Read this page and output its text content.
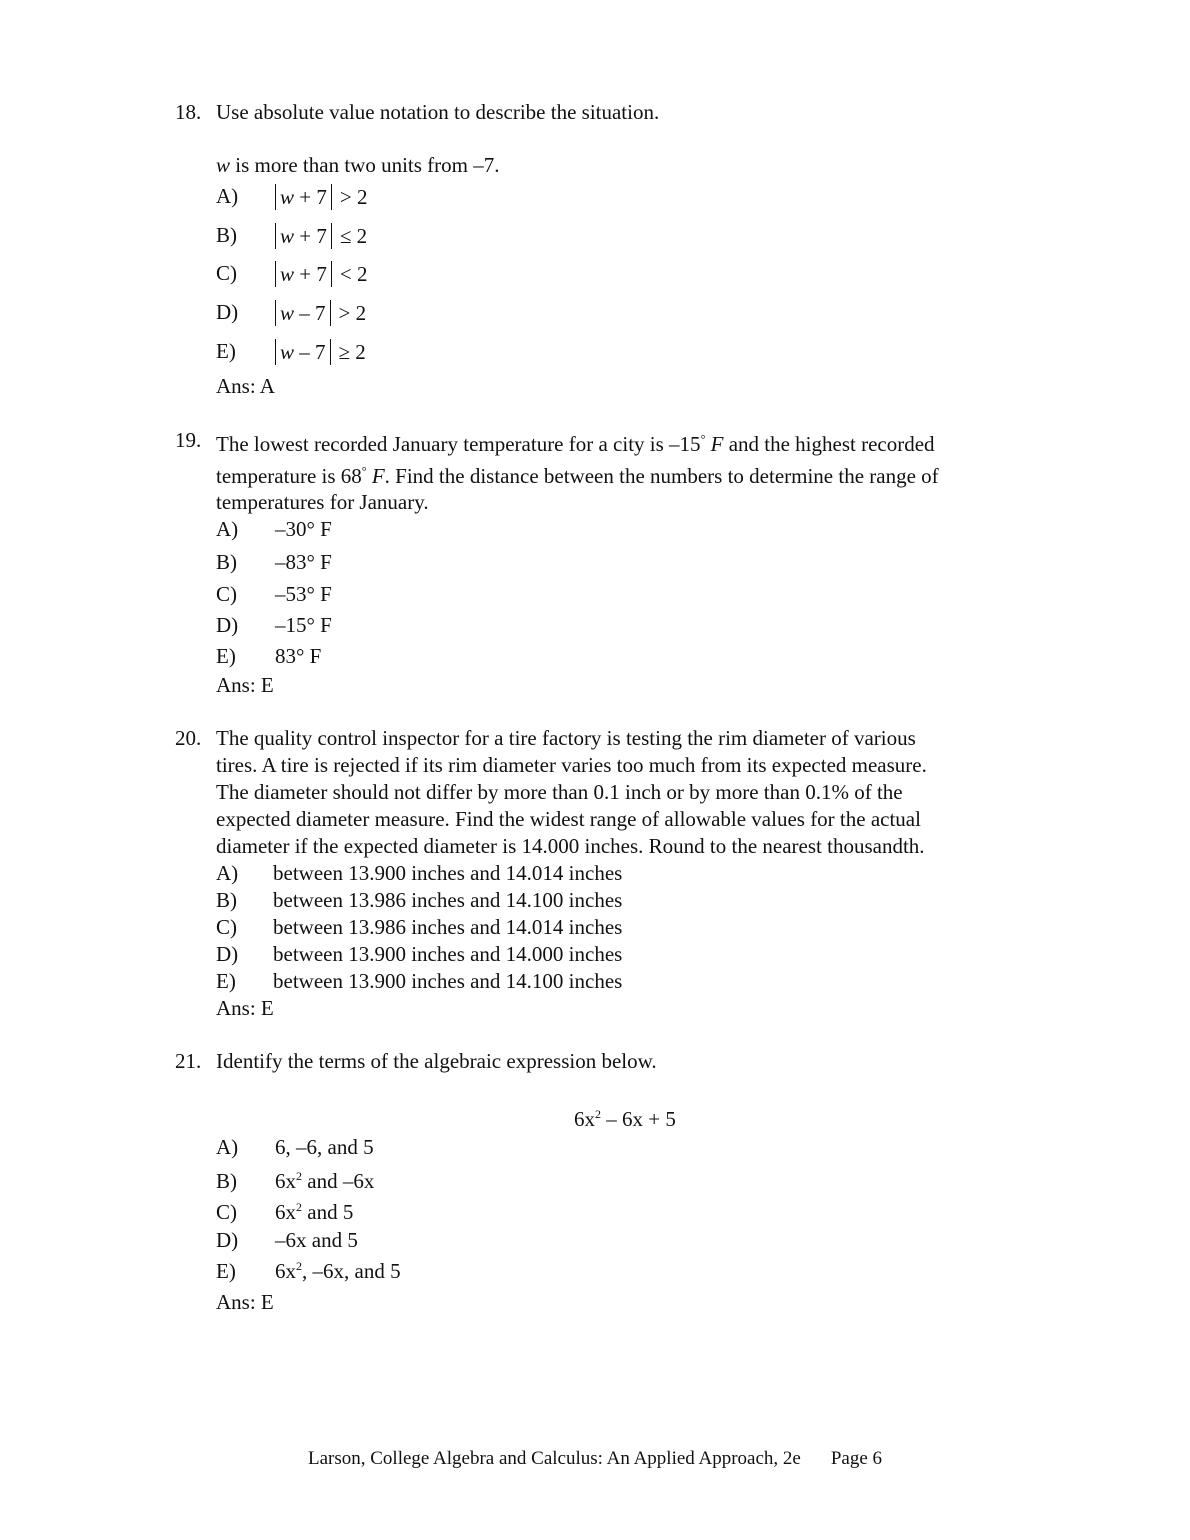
18. Use absolute value notation to describe the situation.
w is more than two units from –7.
A) w + 7 > 2
B) w + 7 ≤ 2
C) w + 7 < 2
D) w – 7 > 2
E) w – 7 ≥ 2
Ans: A
19. The lowest recorded January temperature for a city is –15° F and the highest recorded
temperature is 68° F. Find the distance between the numbers to determine the range of
temperatures for January.
A) –30° F
B) –83° F
C) –53° F
D) –15° F
E) 83° F
Ans: E
20. The quality control inspector for a tire factory is testing the rim diameter of various
tires. A tire is rejected if its rim diameter varies too much from its expected measure.
The diameter should not differ by more than 0.1 inch or by more than 0.1% of the
expected diameter measure. Find the widest range of allowable values for the actual
diameter if the expected diameter is 14.000 inches. Round to the nearest thousandth.
A) between 13.900 inches and 14.014 inches
B) between 13.986 inches and 14.100 inches
C) between 13.986 inches and 14.014 inches
D) between 13.900 inches and 14.000 inches
E) between 13.900 inches and 14.100 inches
Ans: E
21. Identify the terms of the algebraic expression below.
$6x^2 - 6x + 5$
A) 6, –6, and 5
B) $6x^2$ and –6x
C) $6x^2$ and 5
D) –6x and 5
E) $6x^2$, –6x, and 5
Ans: E
Larson, College Algebra and Calculus: An Applied Approach, 2e Page 6
